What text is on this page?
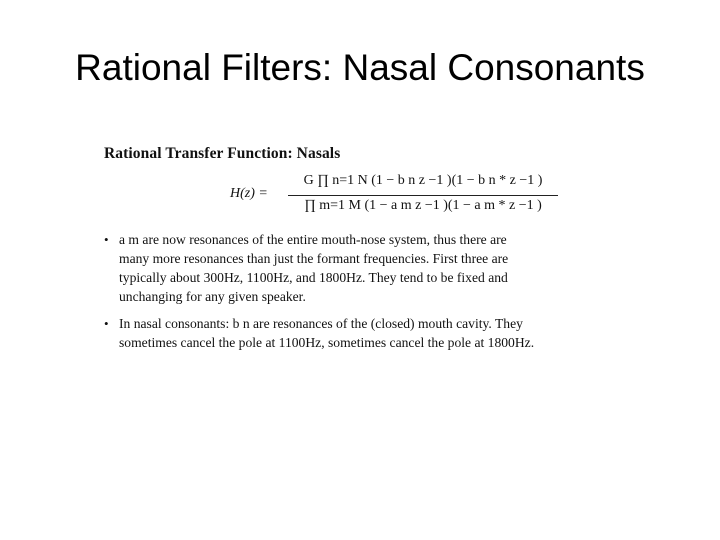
Rational Filters: Nasal Consonants
Rational Transfer Function: Nasals
H(z) =
G ∏ n=1 N (1 − b n z −1 )(1 − b n * z −1 )
∏ m=1 M (1 − a m z −1 )(1 − a m * z −1 )
• a m are now resonances of the entire mouth-nose system, thus there are
many more resonances than just the formant frequencies. First three are
typically about 300Hz, 1100Hz, and 1800Hz. They tend to be fixed and
unchanging for any given speaker.
• In nasal consonants: b n are resonances of the (closed) mouth cavity. They
sometimes cancel the pole at 1100Hz, sometimes cancel the pole at 1800Hz.
